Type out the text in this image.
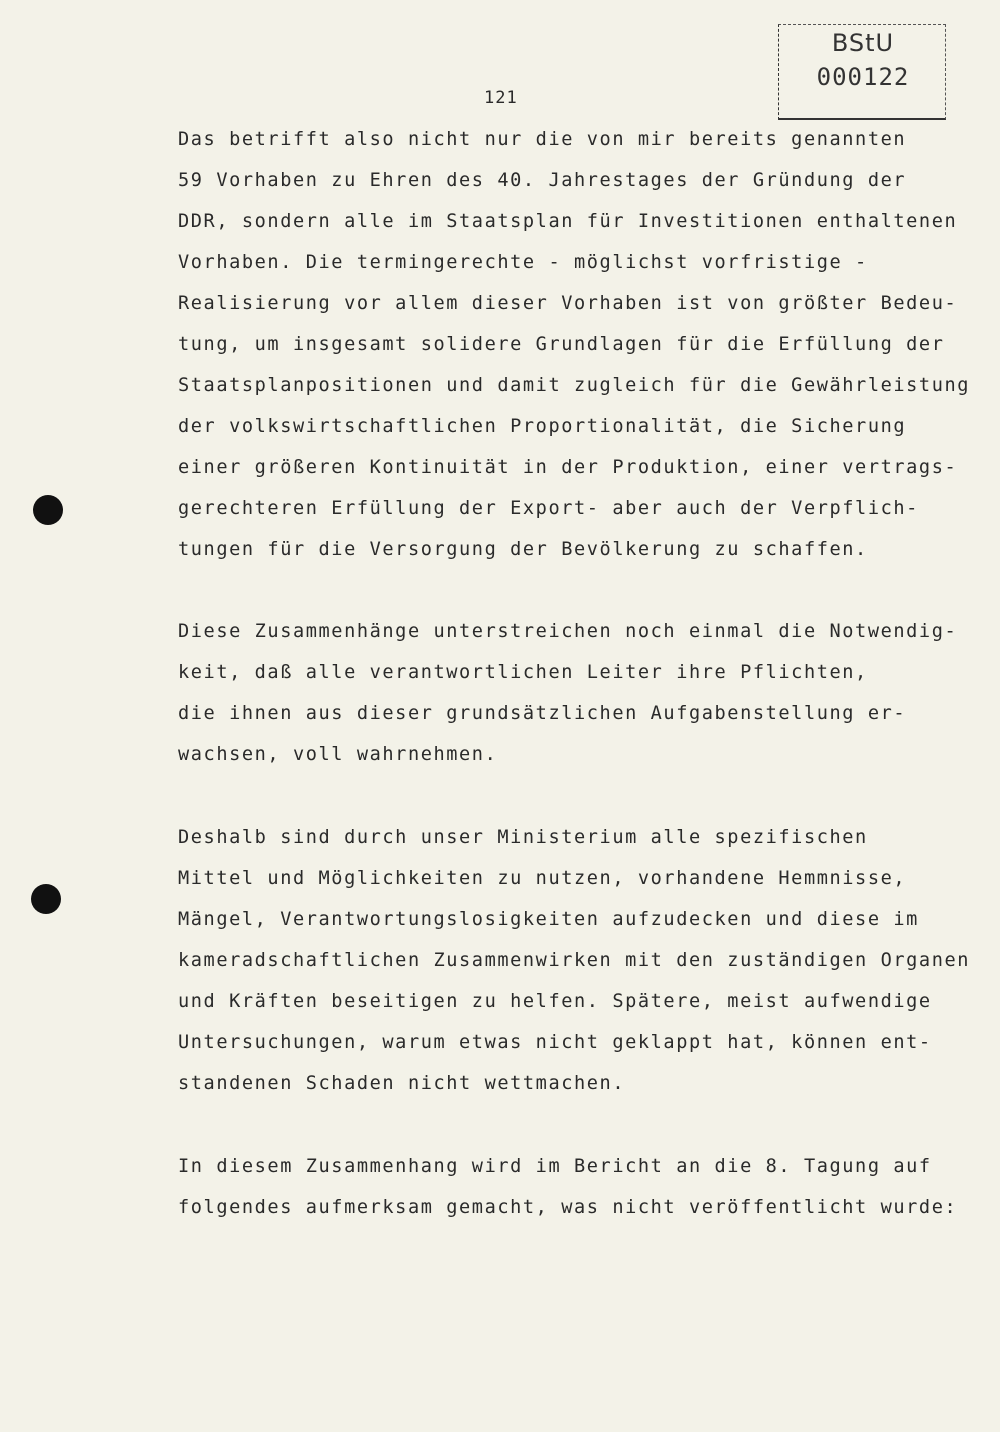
BStU
000122
121
Das betrifft also nicht nur die von mir bereits genannten
59 Vorhaben zu Ehren des 40. Jahrestages der Gründung der
DDR, sondern alle im Staatsplan für Investitionen enthaltenen
Vorhaben. Die termingerechte - möglichst vorfristige -
Realisierung vor allem dieser Vorhaben ist von größter Bedeu-
tung, um insgesamt solidere Grundlagen für die Erfüllung der
Staatsplanpositionen und damit zugleich für die Gewährleistung
der volkswirtschaftlichen Proportionalität, die Sicherung
einer größeren Kontinuität in der Produktion, einer vertrags-
gerechteren Erfüllung der Export- aber auch der Verpflich-
tungen für die Versorgung der Bevölkerung zu schaffen.
Diese Zusammenhänge unterstreichen noch einmal die Notwendig-
keit, daß alle verantwortlichen Leiter ihre Pflichten,
die ihnen aus dieser grundsätzlichen Aufgabenstellung er-
wachsen, voll wahrnehmen.
Deshalb sind durch unser Ministerium alle spezifischen
Mittel und Möglichkeiten zu nutzen, vorhandene Hemmnisse,
Mängel, Verantwortungslosigkeiten aufzudecken und diese im
kameradschaftlichen Zusammenwirken mit den zuständigen Organen
und Kräften beseitigen zu helfen. Spätere, meist aufwendige
Untersuchungen, warum etwas nicht geklappt hat, können ent-
standenen Schaden nicht wettmachen.
In diesem Zusammenhang wird im Bericht an die 8. Tagung auf
folgendes aufmerksam gemacht, was nicht veröffentlicht wurde:
